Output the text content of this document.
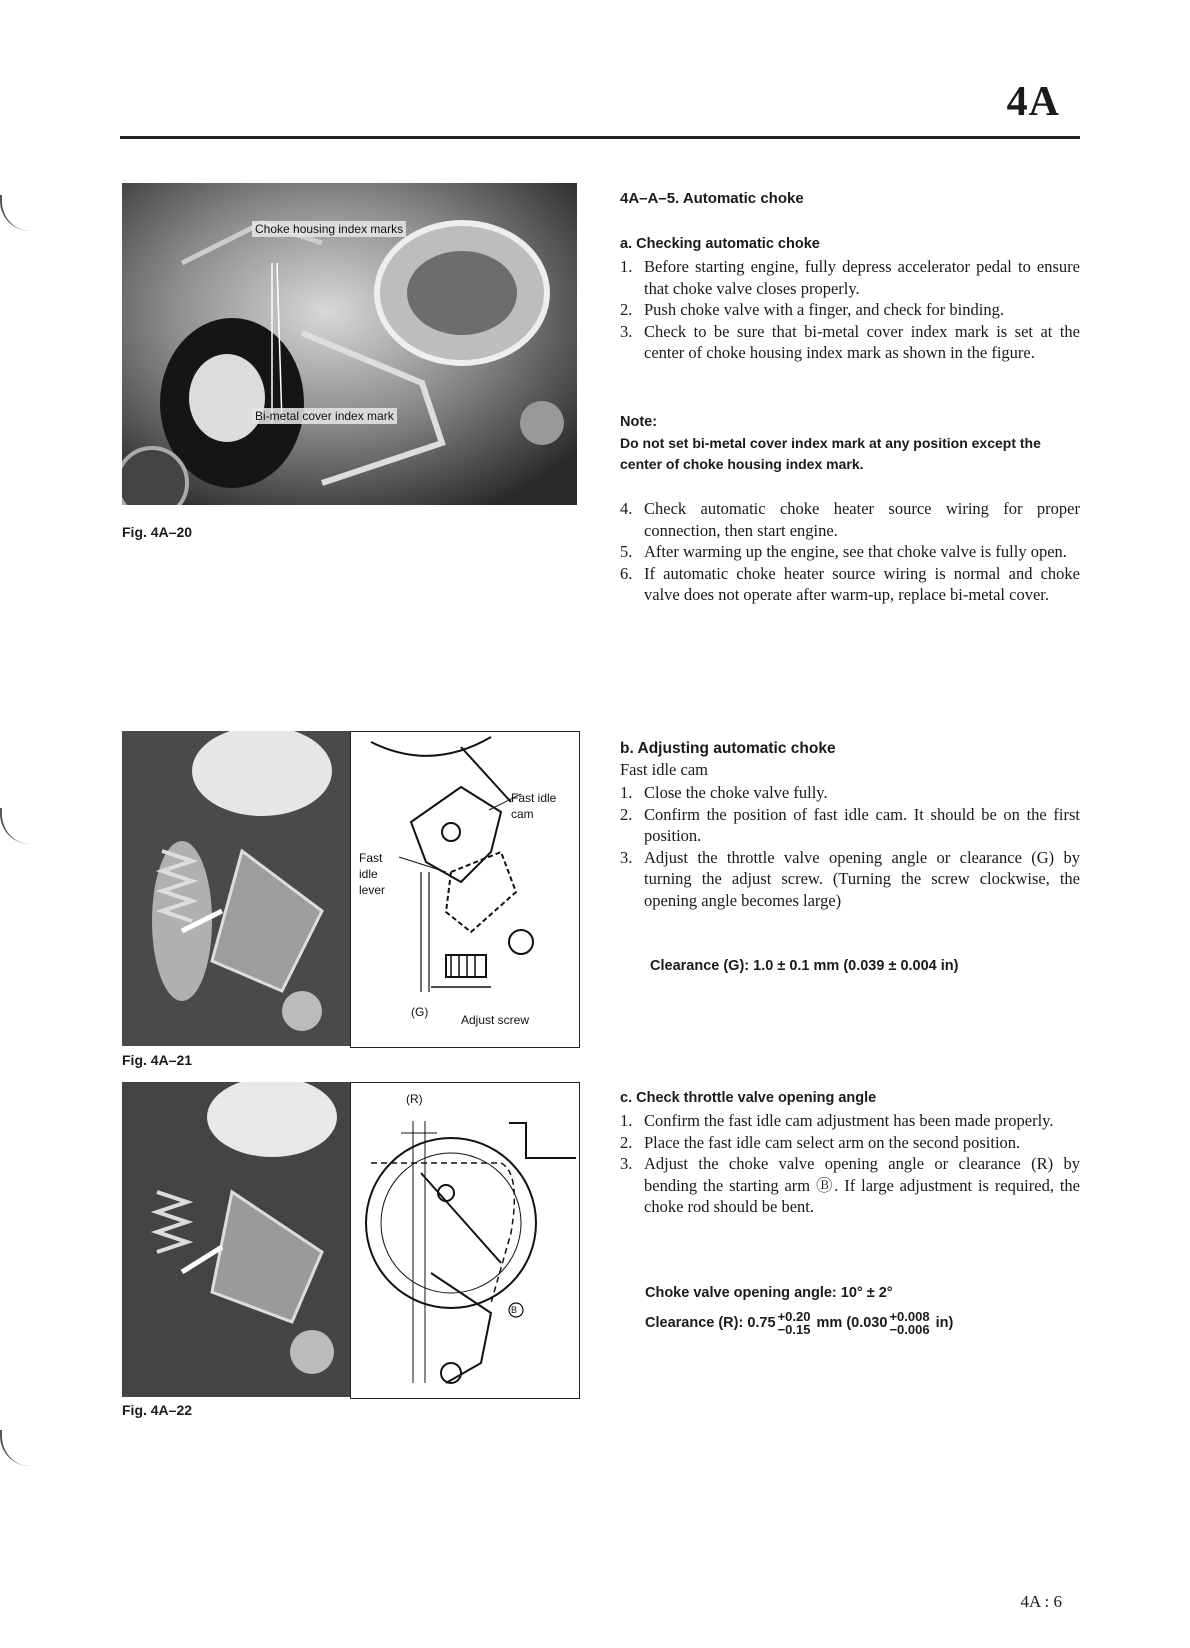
4A
Choke housing index marks
Bi-metal cover index mark
Fig. 4A–20
Fast idle cam
Fast idle lever
(G)
Adjust screw
Fig. 4A–21
(R)
B
Fig. 4A–22
4A–A–5. Automatic choke
a. Checking automatic choke
1. Before starting engine, fully depress accelerator pedal to ensure that choke valve closes properly.
2. Push choke valve with a finger, and check for binding.
3. Check to be sure that bi-metal cover index mark is set at the center of choke housing index mark as shown in the figure.
Note:
Do not set bi-metal cover index mark at any position except the center of choke housing index mark.
4. Check automatic choke heater source wiring for proper connection, then start engine.
5. After warming up the engine, see that choke valve is fully open.
6. If automatic choke heater source wiring is normal and choke valve does not operate after warm-up, replace bi-metal cover.
b. Adjusting automatic choke
Fast idle cam
1. Close the choke valve fully.
2. Confirm the position of fast idle cam. It should be on the first position.
3. Adjust the throttle valve opening angle or clearance (G) by turning the adjust screw. (Turning the screw clockwise, the opening angle becomes large)
Clearance (G): 1.0 ± 0.1 mm (0.039 ± 0.004 in)
c. Check throttle valve opening angle
1. Confirm the fast idle cam adjustment has been made properly.
2. Place the fast idle cam select arm on the second position.
3. Adjust the choke valve opening angle or clearance (R) by bending the starting arm Ⓑ. If large adjustment is required, the choke rod should be bent.
Choke valve opening angle: 10° ± 2°
Clearance (R): 0.75 +0.20
−0.15 mm (0.030 +0.008
−0.006 in)
4A : 6
